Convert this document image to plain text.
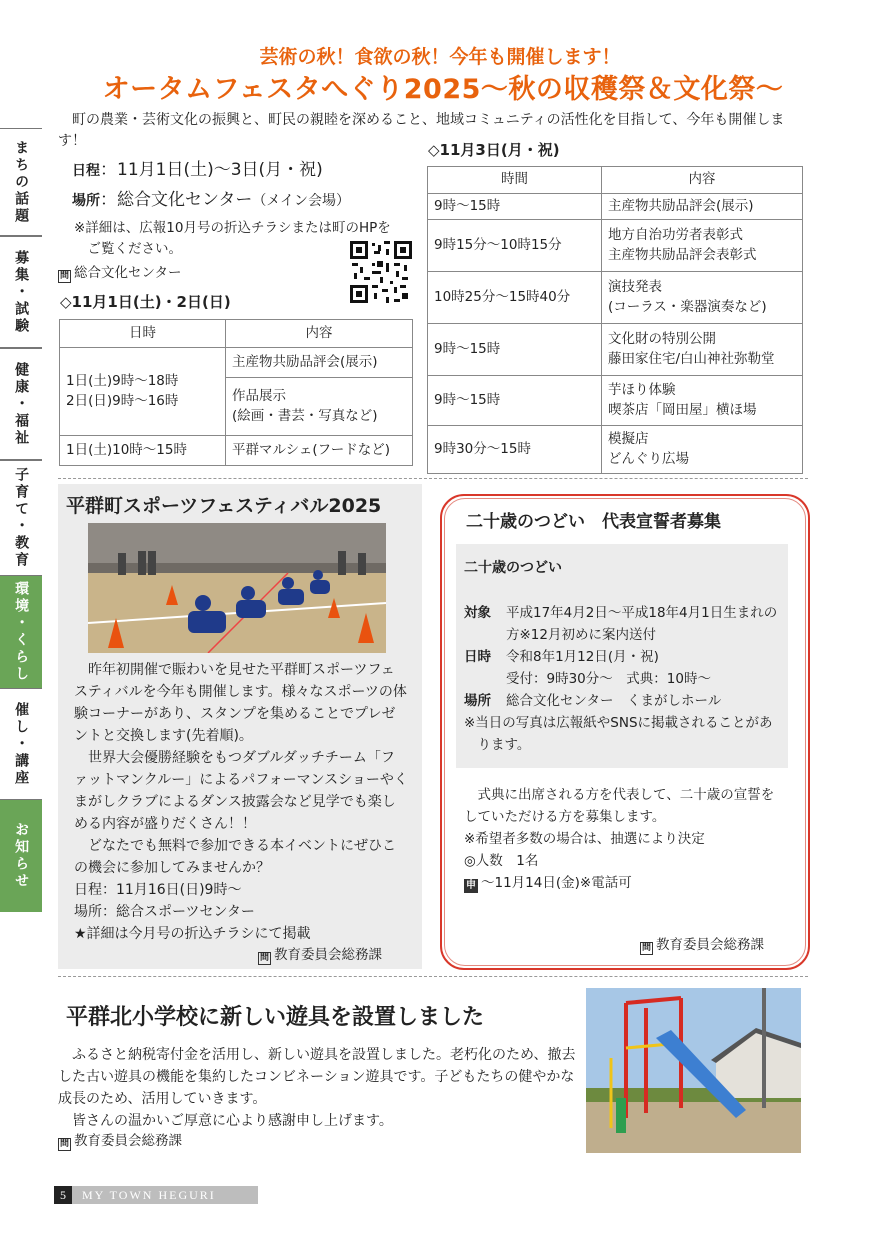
まちの話題
募集・試験
健康・福祉
子育て・教育
環境・くらし
催し・講座
お知らせ
芸術の秋！食欲の秋！今年も開催します！
オータムフェスタへぐり2025〜秋の収穫祭＆文化祭〜
町の農業・芸術文化の振興と、町民の親睦を深めること、地域コミュニティの活性化を目指して、今年も開催します！
日程：11月1日(土)〜3日(月・祝)
場所：総合文化センター（メイン会場）
※詳細は、広報10月号の折込チラシまたは町のHPをご覧ください。
問 総合文化センター
◇11月1日(土)・2日(日)
日時	内容
1日(土)9時〜18時
2日(日)9時〜16時	主産物共励品評会(展示)
	作品展示
(絵画・書芸・写真など)
1日(土)10時〜15時	平群マルシェ(フードなど)
◇11月3日(月・祝)
時間	内容
9時〜15時	主産物共励品評会(展示)
9時15分〜10時15分	地方自治功労者表彰式
主産物共励品評会表彰式
10時25分〜15時40分	演技発表
(コーラス・楽器演奏など)
9時〜15時	文化財の特別公開
藤田家住宅/白山神社弥勒堂
9時〜15時	芋ほり体験
喫茶店「岡田屋」横ほ場
9時30分〜15時	模擬店
どんぐり広場
平群町スポーツフェスティバル2025

　昨年初開催で賑わいを見せた平群町スポーツフェスティバルを今年も開催します。様々なスポーツの体験コーナーがあり、スタンプを集めることでプレゼントと交換します(先着順)。

　世界大会優勝経験をもつダブルダッチチーム「ファットマンクルー」によるパフォーマンスショーやくまがしクラブによるダンス披露会など見学でも楽しめる内容が盛りだくさん！！

　どなたでも無料で参加できる本イベントにぜひこの機会に参加してみませんか？

日程：11月16日(日)9時〜

場所：総合スポーツセンター

★詳細は今月号の折込チラシにて掲載

問 教育委員会総務課
二十歳のつどい　代表宣誓者募集
二十歳のつどい
対象	平成17年4月2日〜平成18年4月1日生まれの方※12月初めに案内送付
日時	令和8年1月12日(月・祝)
受付：9時30分〜　式典：10時〜
場所	総合文化センター　くまがしホール
※当日の写真は広報紙やSNSに掲載されることがあります。

　式典に出席される方を代表して、二十歳の宣誓をしていただける方を募集します。

※希望者多数の場合は、抽選により決定

◎人数　1名

申 〜11月14日(金)※電話可

問 教育委員会総務課
平群北小学校に新しい遊具を設置しました

　ふるさと納税寄付金を活用し、新しい遊具を設置しました。老朽化のため、撤去した古い遊具の機能を集約したコンビネーション遊具です。子どもたちの健やかな成長のため、活用していきます。

　皆さんの温かいご厚意に心より感謝申し上げます。

問 教育委員会総務課
5	MY TOWN HEGURI
